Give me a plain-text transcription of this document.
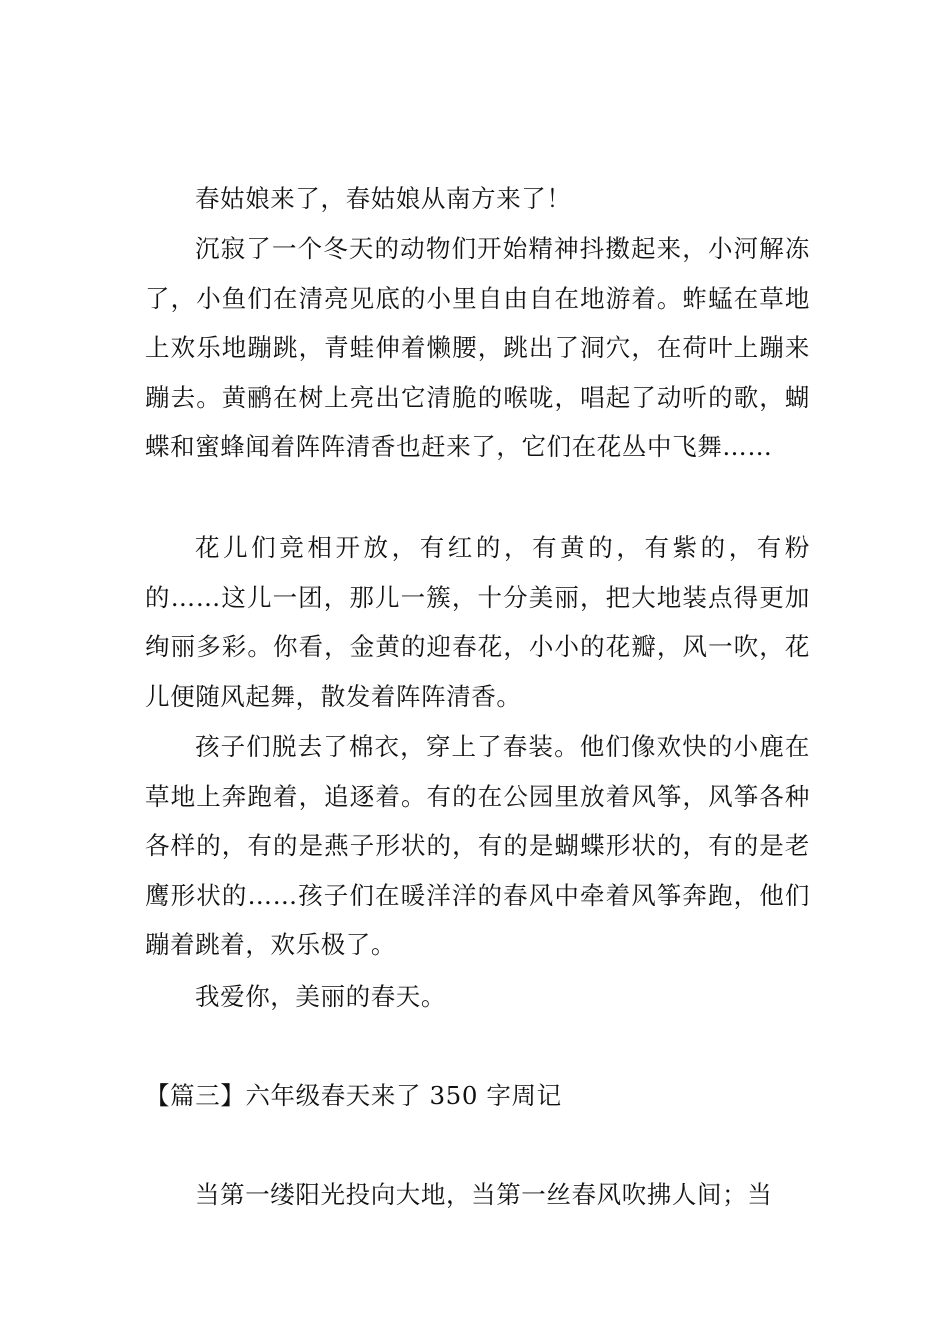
春姑娘来了，春姑娘从南方来了！

沉寂了一个冬天的动物们开始精神抖擞起来，小河解冻了，小鱼们在清亮见底的小里自由自在地游着。蚱蜢在草地上欢乐地蹦跳，青蛙伸着懒腰，跳出了洞穴，在荷叶上蹦来蹦去。黄鹂在树上亮出它清脆的喉咙，唱起了动听的歌，蝴蝶和蜜蜂闻着阵阵清香也赶来了，它们在花丛中飞舞……

花儿们竞相开放，有红的，有黄的，有紫的，有粉的……这儿一团，那儿一簇，十分美丽，把大地装点得更加绚丽多彩。你看，金黄的迎春花，小小的花瓣，风一吹，花儿便随风起舞，散发着阵阵清香。

孩子们脱去了棉衣，穿上了春装。他们像欢快的小鹿在草地上奔跑着，追逐着。有的在公园里放着风筝，风筝各种各样的，有的是燕子形状的，有的是蝴蝶形状的，有的是老鹰形状的……孩子们在暖洋洋的春风中牵着风筝奔跑，他们蹦着跳着，欢乐极了。

我爱你，美丽的春天。

【篇三】六年级春天来了 350 字周记

当第一缕阳光投向大地，当第一丝春风吹拂人间；当
